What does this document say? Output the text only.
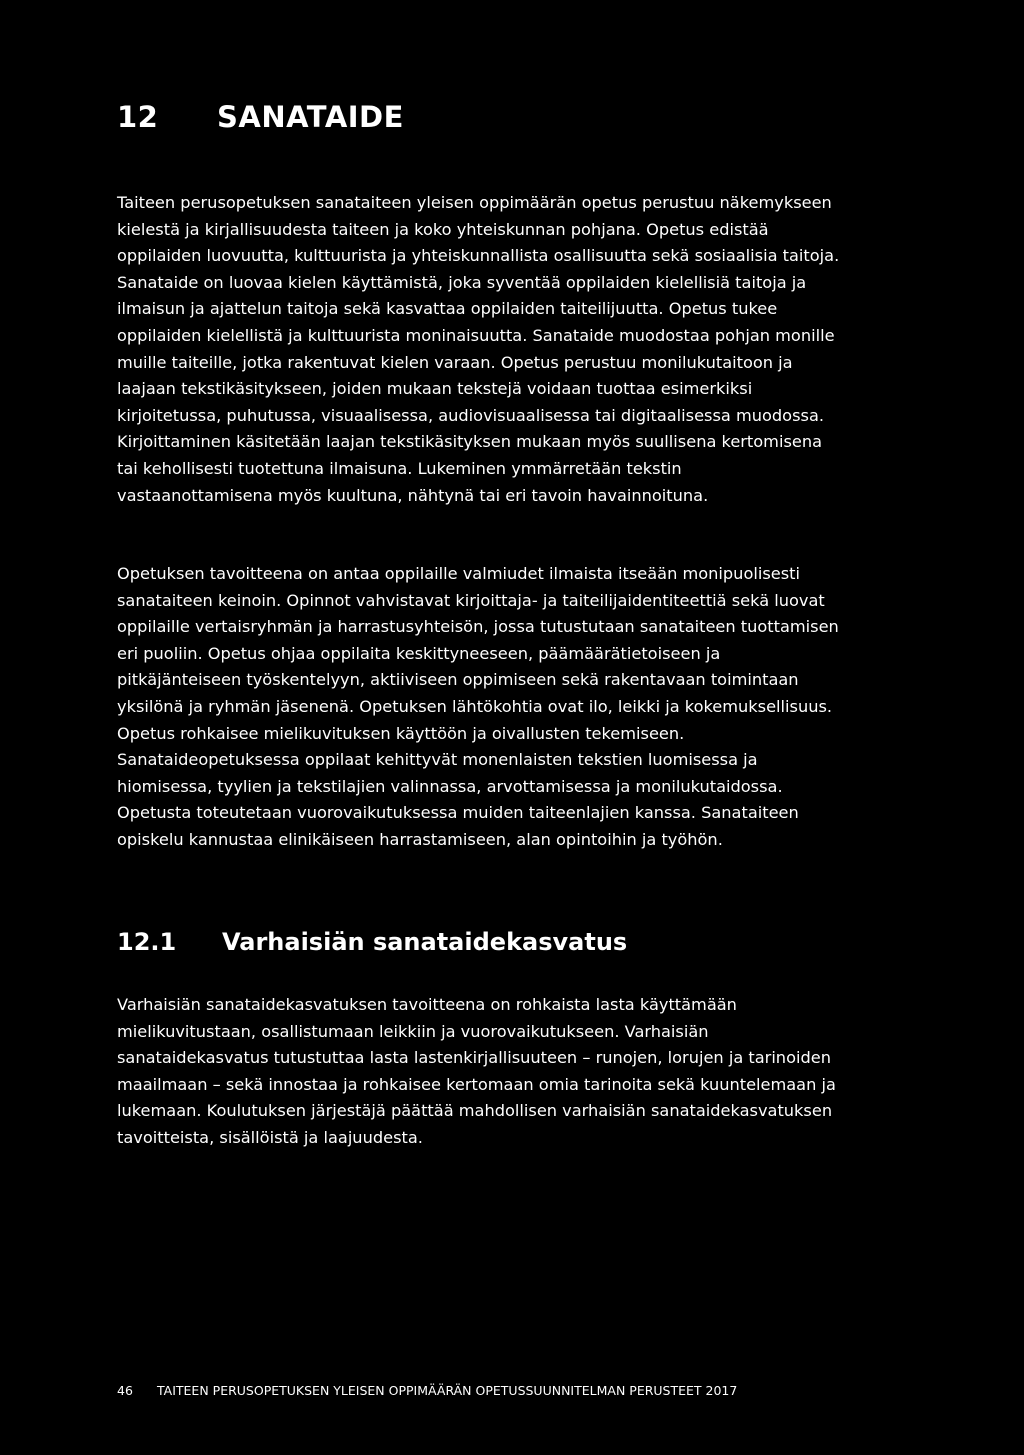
12	SANATAIDE

Taiteen perusopetuksen sanataiteen yleisen oppimäärän opetus perustuu näkemykseen kielestä ja kirjallisuudesta taiteen ja koko yhteiskunnan pohjana. Opetus edistää oppilaiden luovuutta, kulttuurista ja yhteiskunnallista osallisuutta sekä sosiaalisia taitoja. Sanataide on luovaa kielen käyttämistä, joka syventää oppilaiden kielellisiä taitoja ja ilmaisun ja ajattelun taitoja sekä kasvattaa oppilaiden taiteilijuutta. Opetus tukee oppilaiden kielellistä ja kulttuurista moninaisuutta. Sanataide muodostaa pohjan monille muille taiteille, jotka rakentuvat kielen varaan. Opetus perustuu monilukutaitoon ja laajaan tekstikäsitykseen, joiden mukaan tekstejä voidaan tuottaa esimerkiksi kirjoitetussa, puhutussa, visuaalisessa, audiovisuaalisessa tai digitaalisessa muodossa. Kirjoittaminen käsitetään laajan tekstikäsityksen mukaan myös suullisena kertomisena tai kehollisesti tuotettuna ilmaisuna. Lukeminen ymmärretään tekstin vastaanottamisena myös kuultuna, nähtynä tai eri tavoin havainnoituna.

Opetuksen tavoitteena on antaa oppilaille valmiudet ilmaista itseään monipuolisesti sanataiteen keinoin. Opinnot vahvistavat kirjoittaja- ja taiteilijaidentiteettiä sekä luovat oppilaille vertaisryhmän ja harrastusyhteisön, jossa tutustutaan sanataiteen tuottamisen eri puoliin. Opetus ohjaa oppilaita keskittyneeseen, päämäärätietoiseen ja pitkäjänteiseen työskentelyyn, aktiiviseen oppimiseen sekä rakentavaan toimintaan yksilönä ja ryhmän jäsenenä. Opetuksen lähtökohtia ovat ilo, leikki ja kokemuksellisuus. Opetus rohkaisee mielikuvituksen käyttöön ja oivallusten tekemiseen. Sanataideopetuksessa oppilaat kehittyvät monenlaisten tekstien luomisessa ja hiomisessa, tyylien ja tekstilajien valinnassa, arvottamisessa ja monilukutaidossa. Opetusta toteutetaan vuorovaikutuksessa muiden taiteenlajien kanssa. Sanataiteen opiskelu kannustaa elinikäiseen harrastamiseen, alan opintoihin ja työhön.

12.1	Varhaisiän sanataidekasvatus

Varhaisiän sanataidekasvatuksen tavoitteena on rohkaista lasta käyttämään mielikuvitustaan, osallistumaan leikkiin ja vuorovaikutukseen. Varhaisiän sanataidekasvatus tutustuttaa lasta lastenkirjallisuuteen – runojen, lorujen ja tarinoiden maailmaan – sekä innostaa ja rohkaisee kertomaan omia tarinoita sekä kuuntelemaan ja lukemaan. Koulutuksen järjestäjä päättää mahdollisen varhaisiän sanataidekasvatuksen tavoitteista, sisällöistä ja laajuudesta.

46	TAITEEN PERUSOPETUKSEN YLEISEN OPPIMÄÄRÄN OPETUSSUUNNITELMAN PERUSTEET 2017
